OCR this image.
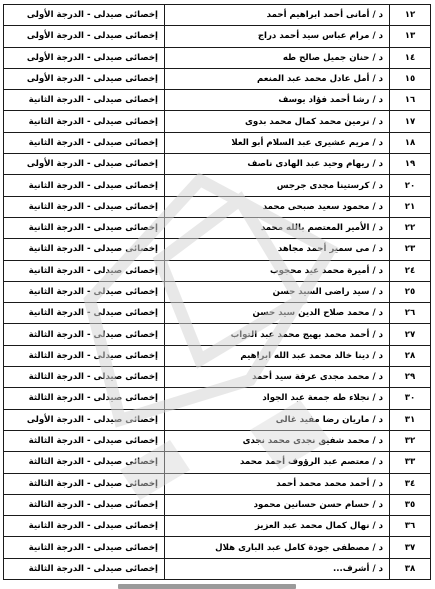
١٢	د / أمانى أحمد ابراهيم أحمد	إخصائى صيدلى - الدرجة الأولى
١٣	د / مرام عباس سيد أحمد دراج	إخصائى صيدلى - الدرجة الأولى
١٤	د / حنان جميل صالح طه	إخصائى صيدلى - الدرجة الأولى
١٥	د / أمل عادل محمد عبد المنعم	إخصائى صيدلى - الدرجة الأولى
١٦	د / رشا أحمد فؤاد يوسف	إخصائى صيدلى - الدرجة الثانية
١٧	د / نرمين محمد كمال محمد بدوى	إخصائى صيدلى - الدرجة الثانية
١٨	د / مريم عشيرى عبد السلام أبو العلا	إخصائى صيدلى - الدرجة الثانية
١٩	د / ريهام وحيد عبد الهادى ناصف	إخصائى صيدلى - الدرجة الأولى
٢٠	د / كرستينا مجدى جرجس	إخصائى صيدلى - الدرجة الثانية
٢١	د / محمود سعيد صبحى محمد	إخصائى صيدلى - الدرجة الثانية
٢٢	د / الأمير المعتصم بالله محمد	إخصائى صيدلى - الدرجة الثانية
٢٣	د / مى سمير أحمد مجاهد	إخصائى صيدلى - الدرجة الثانية
٢٤	د / أميرة محمد عيد محجوب	إخصائى صيدلى - الدرجة الثانية
٢٥	د / سيد راضى السيد حسن	إخصائى صيدلى - الدرجة الثانية
٢٦	د / محمد صلاح الدين سيد حسن	إخصائى صيدلى - الدرجة الثانية
٢٧	د / أحمد محمد بهيج محمد عبد التواب	إخصائى صيدلى - الدرجة الثالثة
٢٨	د / دينا خالد محمد عبد الله ابراهيم	إخصائى صيدلى - الدرجة الثالثة
٢٩	د / محمد مجدى عرفة سيد أحمد	إخصائى صيدلى - الدرجة الثالثة
٣٠	د / نجلاء طه جمعة عبد الجواد	إخصائى صيدلى - الدرجة الثالثة
٣١	د / ماريان رضا مفيد غالى	إخصائى صيدلى - الدرجة الأولى
٣٢	د / محمد شفيق نجدى محمد نجدى	إخصائى صيدلى - الدرجة الثالثة
٣٣	د / معتصم عبد الرؤوف أحمد محمد	إخصائى صيدلى - الدرجة الثالثة
٣٤	د / أحمد محمد محمد أحمد	إخصائى صيدلى - الدرجة الثالثة
٣٥	د / حسام حسن حسانين محمود	إخصائى صيدلى - الدرجة الثالثة
٣٦	د / نهال كمال محمد عبد العزيز	إخصائى صيدلى - الدرجة الثانية
٣٧	د / مصطفى جودة كامل عبد البارى هلال	إخصائى صيدلى - الدرجة الثانية
٣٨	د / أشرف...	إخصائى صيدلى - الدرجة الثالثة
